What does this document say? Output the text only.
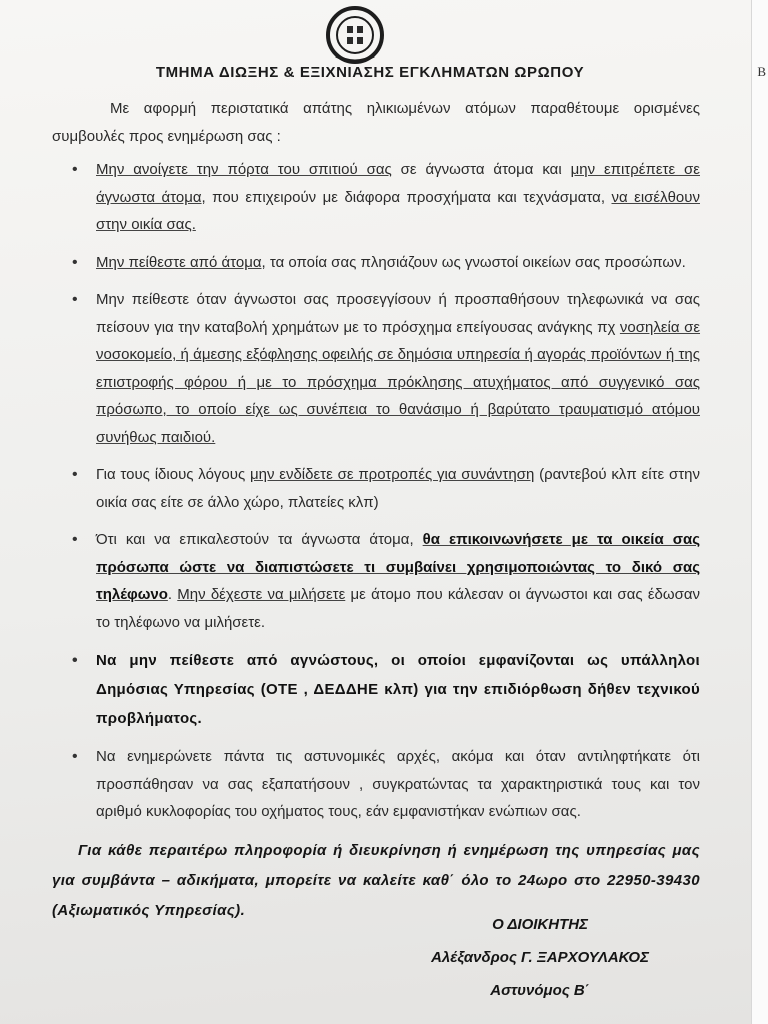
ΤΜΗΜΑ ΔΙΩΞΗΣ & ΕΞΙΧΝΙΑΣΗΣ ΕΓΚΛΗΜΑΤΩΝ ΩΡΩΠΟΥ

Με αφορμή περιστατικά απάτης ηλικιωμένων ατόμων παραθέτουμε ορισμένες συμβουλές προς ενημέρωση σας :

• Μην ανοίγετε την πόρτα του σπιτιού σας σε άγνωστα άτομα και μην επιτρέπετε σε άγνωστα άτομα, που επιχειρούν με διάφορα προσχήματα και τεχνάσματα, να εισέλθουν στην οικία σας.
• Μην πείθεστε από άτομα, τα οποία σας πλησιάζουν ως γνωστοί οικείων σας προσώπων.
• Μην πείθεστε όταν άγνωστοι σας προσεγγίσουν ή προσπαθήσουν τηλεφωνικά να σας πείσουν για την καταβολή χρημάτων με το πρόσχημα επείγουσας ανάγκης πχ νοσηλεία σε νοσοκομείο, ή άμεσης εξόφλησης οφειλής σε δημόσια υπηρεσία ή αγοράς προϊόντων ή της επιστροφής φόρου ή με το πρόσχημα πρόκλησης ατυχήματος από συγγενικό σας πρόσωπο, το οποίο είχε ως συνέπεια το θανάσιμο ή βαρύτατο τραυματισμό ατόμου συνήθως παιδιού.
• Για τους ίδιους λόγους μην ενδίδετε σε προτροπές για συνάντηση (ραντεβού κλπ είτε στην οικία σας είτε σε άλλο χώρο, πλατείες κλπ)
• Ότι και να επικαλεστούν τα άγνωστα άτομα, θα επικοινωνήσετε με τα οικεία σας πρόσωπα ώστε να διαπιστώσετε τι συμβαίνει χρησιμοποιώντας το δικό σας τηλέφωνο. Μην δέχεστε να μιλήσετε με άτομο που κάλεσαν οι άγνωστοι και σας έδωσαν το τηλέφωνο να μιλήσετε.
• Να μην πείθεστε από αγνώστους, οι οποίοι εμφανίζονται ως υπάλληλοι Δημόσιας Υπηρεσίας (ΟΤΕ , ΔΕΔΔΗΕ κλπ) για την επιδιόρθωση δήθεν τεχνικού προβλήματος.
• Να ενημερώνετε πάντα τις αστυνομικές αρχές, ακόμα και όταν αντιληφτήκατε ότι προσπάθησαν να σας εξαπατήσουν , συγκρατώντας τα χαρακτηριστικά τους και τον αριθμό κυκλοφορίας του οχήματος τους, εάν εμφανιστήκαν ενώπιων σας.

Για κάθε περαιτέρω πληροφορία ή διευκρίνηση ή ενημέρωση της υπηρεσίας μας για συμβάντα – αδικήματα, μπορείτε να καλείτε καθ΄ όλο το 24ωρο στο 22950-39430 (Αξιωματικός Υπηρεσίας).

Ο ΔΙΟΙΚΗΤΗΣ
Αλέξανδρος Γ. ΞΑΡΧΟΥΛΑΚΟΣ
Αστυνόμος Β΄
Β
